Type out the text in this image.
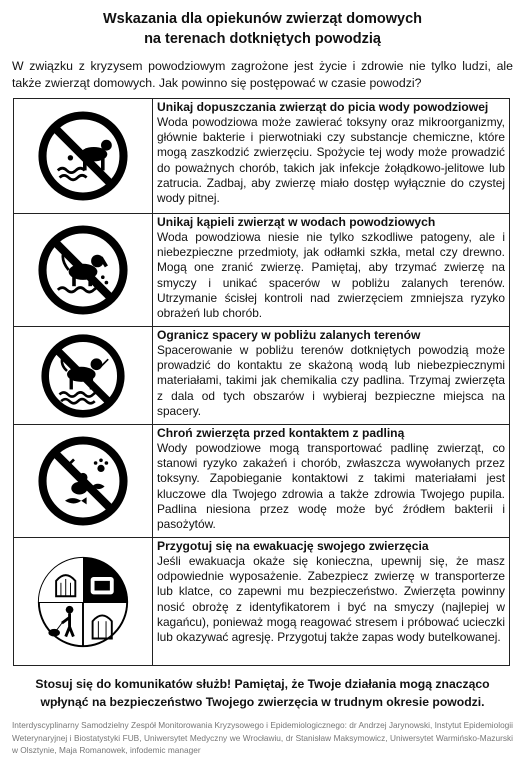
Wskazania dla opiekunów zwierząt domowych
na terenach dotkniętych powodzią
W związku z kryzysem powodziowym zagrożone jest życie i zdrowie nie tylko ludzi, ale także zwierząt domowych. Jak powinno się postępować w czasie powodzi?

Unikaj dopuszczania zwierząt do picia wody powodziowej
Woda powodziowa może zawierać toksyny oraz mikroorganizmy, głównie bakterie i pierwotniaki czy substancje chemiczne, które mogą zaszkodzić zwierzęciu. Spożycie tej wody może prowadzić do poważnych chorób, takich jak infekcje żołądkowo-jelitowe lub zatrucia. Zadbaj, aby zwierzę miało dostęp wyłącznie do czystej wody pitnej.

Unikaj kąpieli zwierząt w wodach powodziowych
Woda powodziowa niesie nie tylko szkodliwe patogeny, ale i niebezpieczne przedmioty, jak odłamki szkła, metal czy drewno. Mogą one zranić zwierzę. Pamiętaj, aby trzymać zwierzę na smyczy i unikać spacerów w pobliżu zalanych terenów. Utrzymanie ścisłej kontroli nad zwierzęciem zmniejsza ryzyko obrażeń lub chorób.

Ogranicz spacery w pobliżu zalanych terenów
Spacerowanie w pobliżu terenów dotkniętych powodzią może prowadzić do kontaktu ze skażoną wodą lub niebezpiecznymi materiałami, takimi jak chemikalia czy padlina. Trzymaj zwierzęta z dala od tych obszarów i wybieraj bezpieczne miejsca na spacery.

Chroń zwierzęta przed kontaktem z padliną
Wody powodziowe mogą transportować padlinę zwierząt, co stanowi ryzyko zakażeń i chorób, zwłaszcza wywołanych przez toksyny. Zapobieganie kontaktowi z takimi materiałami jest kluczowe dla Twojego zdrowia a także zdrowia Twojego pupila. Padlina niesiona przez wodę może być źródłem bakterii i pasożytów.

Przygotuj się na ewakuację swojego zwierzęcia
Jeśli ewakuacja okaże się konieczna, upewnij się, że masz odpowiednie wyposażenie. Zabezpiecz zwierzę w transporterze lub klatce, co zapewni mu bezpieczeństwo. Zwierzęta powinny nosić obrożę z identyfikatorem i być na smyczy (najlepiej w kagańcu), ponieważ mogą reagować stresem i próbować ucieczki lub okazywać agresję. Przygotuj także zapas wody butelkowanej.
Stosuj się do komunikatów służb! Pamiętaj, że Twoje działania mogą znacząco
wpłynąć na bezpieczeństwo Twojego zwierzęcia w trudnym okresie powodzi.
Interdyscyplinarny Samodzielny Zespół Monitorowania Kryzysowego i Epidemiologicznego: dr Andrzej Jarynowski, Instytut Epidemiologii Weterynaryjnej i Biostatystyki FUB, Uniwersytet Medyczny we Wrocławiu, dr Stanisław Maksymowicz, Uniwersytet Warmińsko-Mazurski w Olsztynie, Maja Romanowek, infodemic manager
